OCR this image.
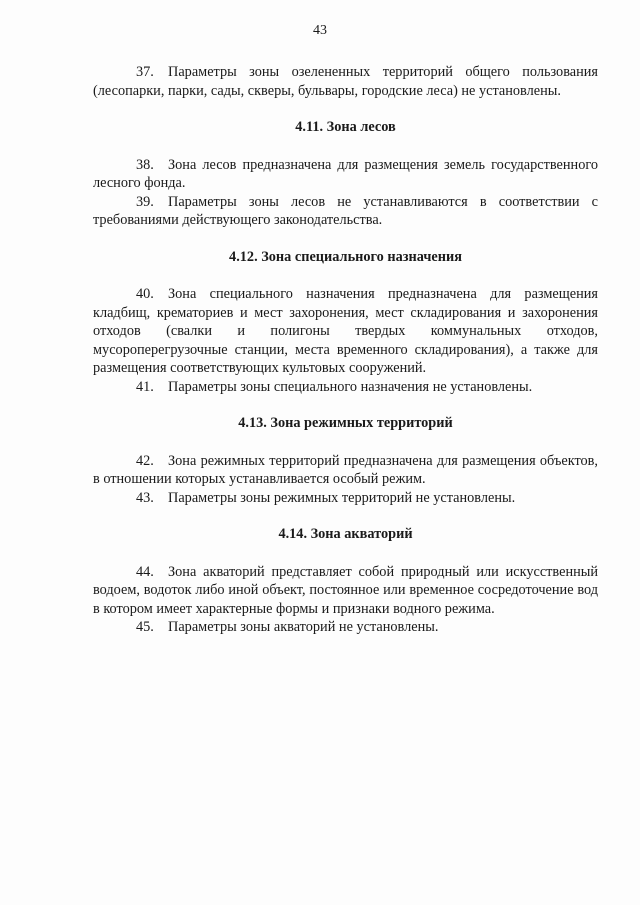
43

37. Параметры зоны озелененных территорий общего пользования (лесопарки, парки, сады, скверы, бульвары, городские леса) не установлены.

4.11. Зона лесов

38. Зона лесов предназначена для размещения земель государственного лесного фонда.

39. Параметры зоны лесов не устанавливаются в соответствии с требованиями действующего законодательства.

4.12. Зона специального назначения

40. Зона специального назначения предназначена для размещения кладбищ, крематориев и мест захоронения, мест складирования и захоронения отходов (свалки и полигоны твердых коммунальных отходов, мусороперегрузочные станции, места временного складирования), а также для размещения соответствующих культовых сооружений.

41. Параметры зоны специального назначения не установлены.

4.13. Зона режимных территорий

42. Зона режимных территорий предназначена для размещения объектов, в отношении которых устанавливается особый режим.

43. Параметры зоны режимных территорий не установлены.

4.14. Зона акваторий

44. Зона акваторий представляет собой природный или искусственный водоем, водоток либо иной объект, постоянное или временное сосредоточение вод в котором имеет характерные формы и признаки водного режима.

45. Параметры зоны акваторий не установлены.
